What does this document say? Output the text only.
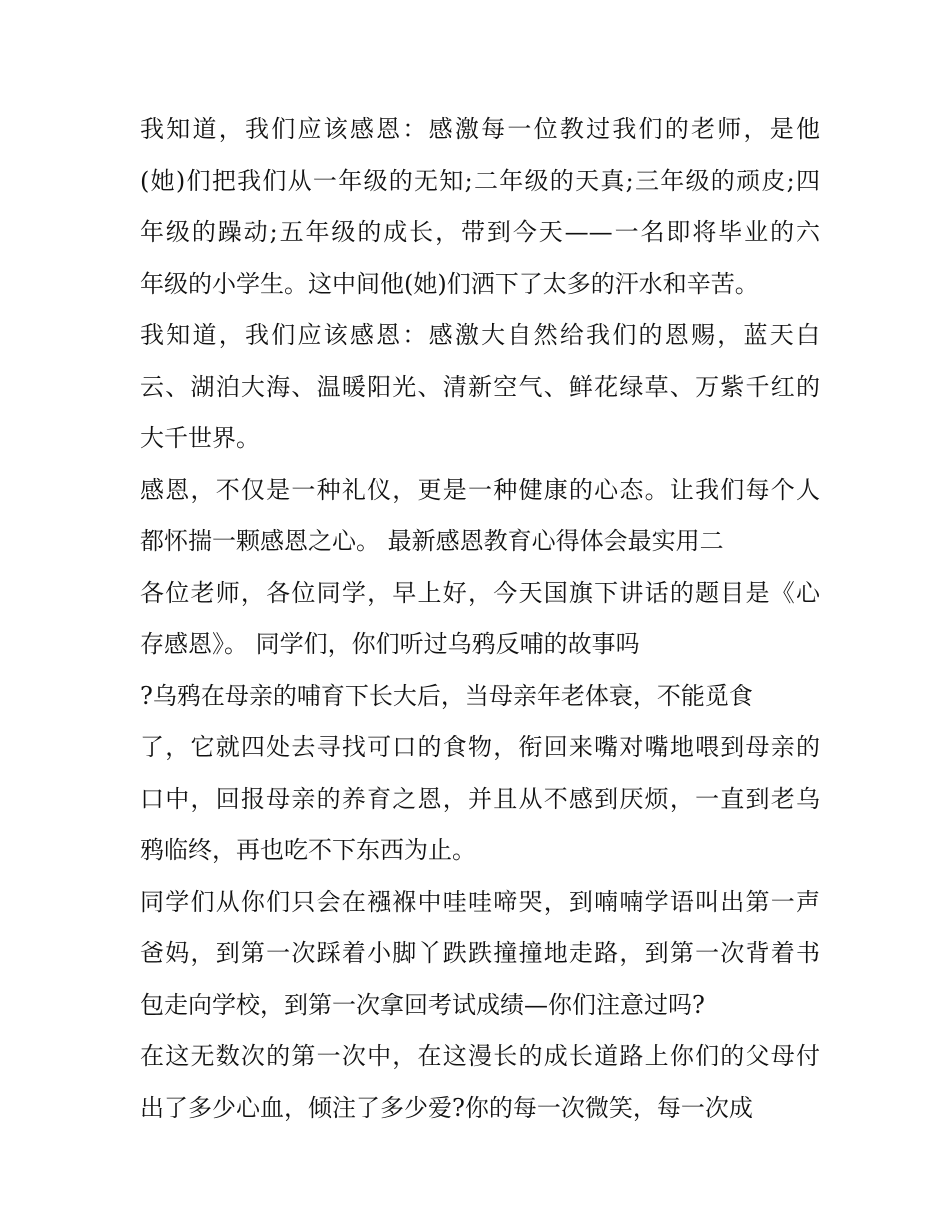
我知道，我们应该感恩：感激每一位教过我们的老师，是他
(她)们把我们从一年级的无知;二年级的天真;三年级的顽皮;四
年级的躁动;五年级的成长，带到今天——一名即将毕业的六
年级的小学生。这中间他(她)们洒下了太多的汗水和辛苦。
我知道，我们应该感恩：感激大自然给我们的恩赐，蓝天白
云、湖泊大海、温暖阳光、清新空气、鲜花绿草、万紫千红的
大千世界。
感恩，不仅是一种礼仪，更是一种健康的心态。让我们每个人
都怀揣一颗感恩之心。 最新感恩教育心得体会最实用二
各位老师，各位同学，早上好，今天国旗下讲话的题目是《心
存感恩》。 同学们，你们听过乌鸦反哺的故事吗
?乌鸦在母亲的哺育下长大后，当母亲年老体衰，不能觅食
了，它就四处去寻找可口的食物，衔回来嘴对嘴地喂到母亲的
口中，回报母亲的养育之恩，并且从不感到厌烦，一直到老乌
鸦临终，再也吃不下东西为止。
同学们从你们只会在襁褓中哇哇啼哭，到喃喃学语叫出第一声
爸妈，到第一次踩着小脚丫跌跌撞撞地走路，到第一次背着书
包走向学校，到第一次拿回考试成绩—你们注意过吗?
在这无数次的第一次中，在这漫长的成长道路上你们的父母付
出了多少心血，倾注了多少爱?你的每一次微笑，每一次成
